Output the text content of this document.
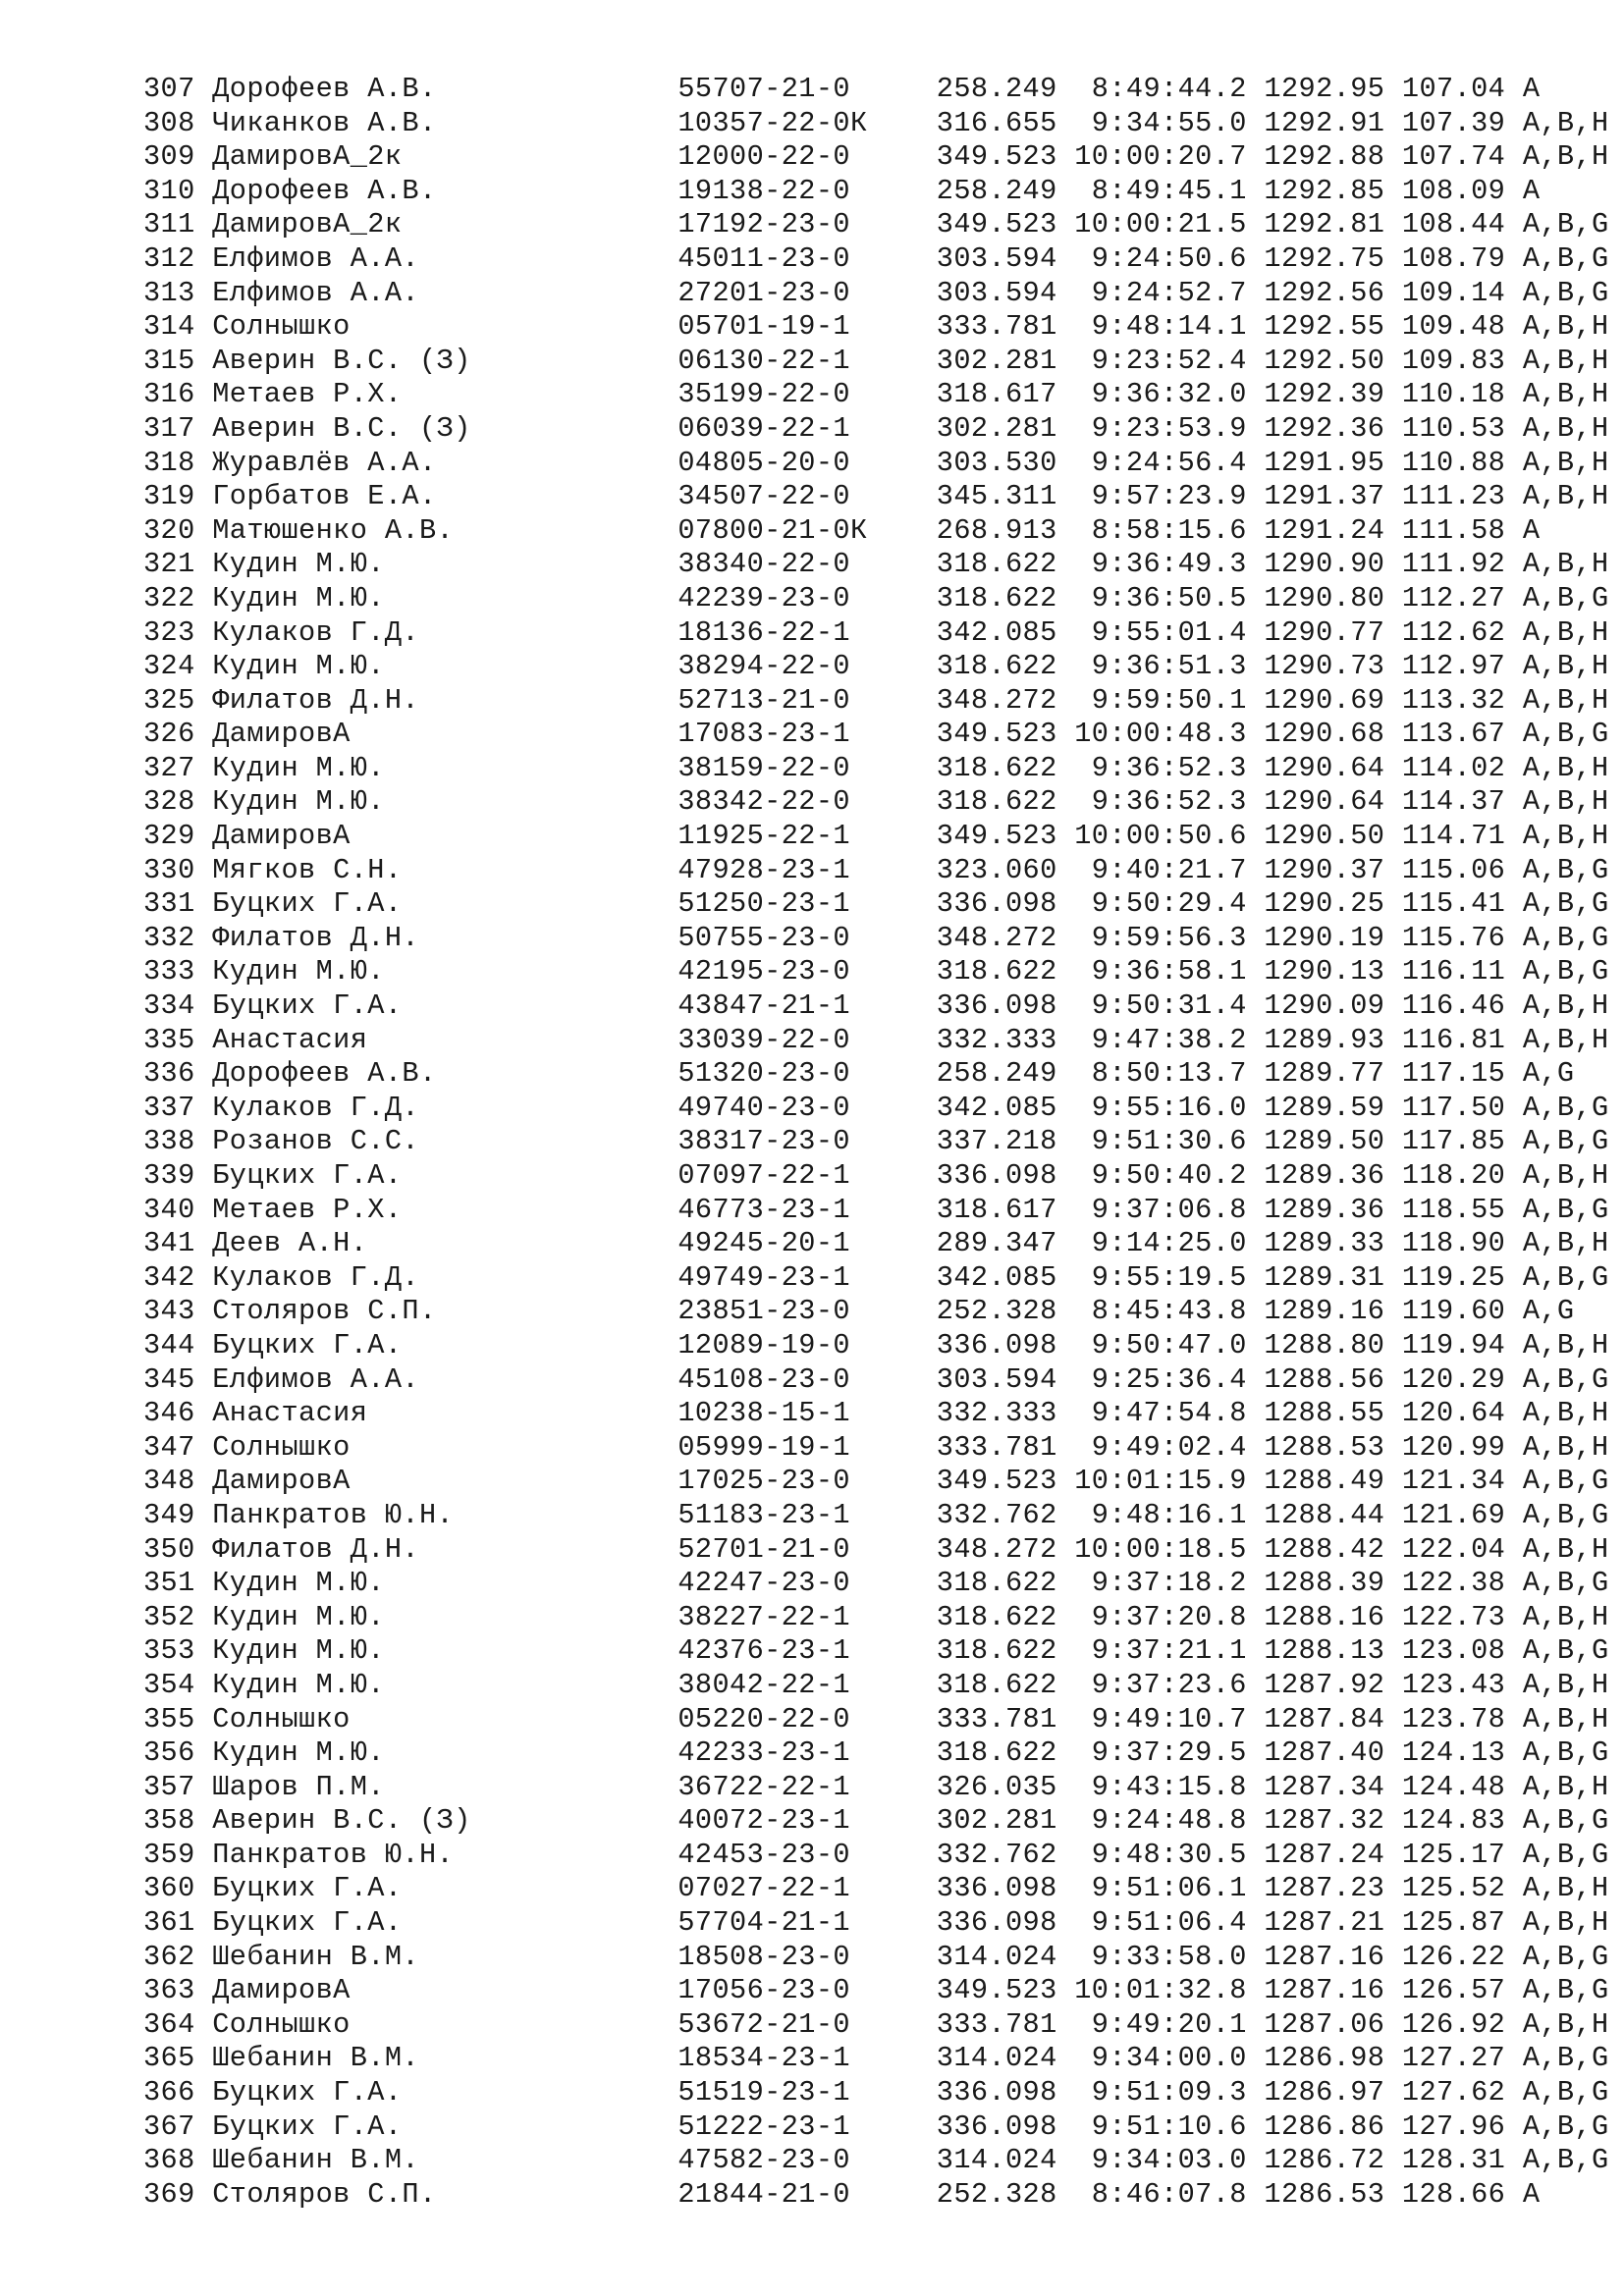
307 Дорофеев А.В.              55707-21-0     258.249  8:49:44.2 1292.95 107.04 A
308 Чиканков А.В.              10357-22-0К    316.655  9:34:55.0 1292.91 107.39 A,B,H
309 ДамировА_2к                12000-22-0     349.523 10:00:20.7 1292.88 107.74 A,B,H
310 Дорофеев А.В.              19138-22-0     258.249  8:49:45.1 1292.85 108.09 A
311 ДамировА_2к                17192-23-0     349.523 10:00:21.5 1292.81 108.44 A,B,G
312 Елфимов А.А.               45011-23-0     303.594  9:24:50.6 1292.75 108.79 A,B,G
313 Елфимов А.А.               27201-23-0     303.594  9:24:52.7 1292.56 109.14 A,B,G
314 Солнышко                   05701-19-1     333.781  9:48:14.1 1292.55 109.48 A,B,H
315 Аверин В.С. (З)            06130-22-1     302.281  9:23:52.4 1292.50 109.83 A,B,H
316 Метаев Р.Х.                35199-22-0     318.617  9:36:32.0 1292.39 110.18 A,B,H
317 Аверин В.С. (З)            06039-22-1     302.281  9:23:53.9 1292.36 110.53 A,B,H
318 Журавлёв А.А.              04805-20-0     303.530  9:24:56.4 1291.95 110.88 A,B,H
319 Горбатов Е.А.              34507-22-0     345.311  9:57:23.9 1291.37 111.23 A,B,H
320 Матюшенко А.В.             07800-21-0К    268.913  8:58:15.6 1291.24 111.58 A
321 Кудин М.Ю.                 38340-22-0     318.622  9:36:49.3 1290.90 111.92 A,B,H
322 Кудин М.Ю.                 42239-23-0     318.622  9:36:50.5 1290.80 112.27 A,B,G
323 Кулаков Г.Д.               18136-22-1     342.085  9:55:01.4 1290.77 112.62 A,B,H
324 Кудин М.Ю.                 38294-22-0     318.622  9:36:51.3 1290.73 112.97 A,B,H
325 Филатов Д.Н.               52713-21-0     348.272  9:59:50.1 1290.69 113.32 A,B,H
326 ДамировА                   17083-23-1     349.523 10:00:48.3 1290.68 113.67 A,B,G
327 Кудин М.Ю.                 38159-22-0     318.622  9:36:52.3 1290.64 114.02 A,B,H
328 Кудин М.Ю.                 38342-22-0     318.622  9:36:52.3 1290.64 114.37 A,B,H
329 ДамировА                   11925-22-1     349.523 10:00:50.6 1290.50 114.71 A,B,H
330 Мягков С.Н.                47928-23-1     323.060  9:40:21.7 1290.37 115.06 A,B,G
331 Буцких Г.А.                51250-23-1     336.098  9:50:29.4 1290.25 115.41 A,B,G
332 Филатов Д.Н.               50755-23-0     348.272  9:59:56.3 1290.19 115.76 A,B,G
333 Кудин М.Ю.                 42195-23-0     318.622  9:36:58.1 1290.13 116.11 A,B,G
334 Буцких Г.А.                43847-21-1     336.098  9:50:31.4 1290.09 116.46 A,B,H
335 Анастасия                  33039-22-0     332.333  9:47:38.2 1289.93 116.81 A,B,H
336 Дорофеев А.В.              51320-23-0     258.249  8:50:13.7 1289.77 117.15 A,G
337 Кулаков Г.Д.               49740-23-0     342.085  9:55:16.0 1289.59 117.50 A,B,G
338 Розанов С.С.               38317-23-0     337.218  9:51:30.6 1289.50 117.85 A,B,G
339 Буцких Г.А.                07097-22-1     336.098  9:50:40.2 1289.36 118.20 A,B,H
340 Метаев Р.Х.                46773-23-1     318.617  9:37:06.8 1289.36 118.55 A,B,G
341 Деев А.Н.                  49245-20-1     289.347  9:14:25.0 1289.33 118.90 A,B,H
342 Кулаков Г.Д.               49749-23-1     342.085  9:55:19.5 1289.31 119.25 A,B,G
343 Столяров С.П.              23851-23-0     252.328  8:45:43.8 1289.16 119.60 A,G
344 Буцких Г.А.                12089-19-0     336.098  9:50:47.0 1288.80 119.94 A,B,H
345 Елфимов А.А.               45108-23-0     303.594  9:25:36.4 1288.56 120.29 A,B,G
346 Анастасия                  10238-15-1     332.333  9:47:54.8 1288.55 120.64 A,B,H
347 Солнышко                   05999-19-1     333.781  9:49:02.4 1288.53 120.99 A,B,H
348 ДамировА                   17025-23-0     349.523 10:01:15.9 1288.49 121.34 A,B,G
349 Панкратов Ю.Н.             51183-23-1     332.762  9:48:16.1 1288.44 121.69 A,B,G
350 Филатов Д.Н.               52701-21-0     348.272 10:00:18.5 1288.42 122.04 A,B,H
351 Кудин М.Ю.                 42247-23-0     318.622  9:37:18.2 1288.39 122.38 A,B,G
352 Кудин М.Ю.                 38227-22-1     318.622  9:37:20.8 1288.16 122.73 A,B,H
353 Кудин М.Ю.                 42376-23-1     318.622  9:37:21.1 1288.13 123.08 A,B,G
354 Кудин М.Ю.                 38042-22-1     318.622  9:37:23.6 1287.92 123.43 A,B,H
355 Солнышко                   05220-22-0     333.781  9:49:10.7 1287.84 123.78 A,B,H
356 Кудин М.Ю.                 42233-23-1     318.622  9:37:29.5 1287.40 124.13 A,B,G
357 Шаров П.М.                 36722-22-1     326.035  9:43:15.8 1287.34 124.48 A,B,H
358 Аверин В.С. (З)            40072-23-1     302.281  9:24:48.8 1287.32 124.83 A,B,G
359 Панкратов Ю.Н.             42453-23-0     332.762  9:48:30.5 1287.24 125.17 A,B,G
360 Буцких Г.А.                07027-22-1     336.098  9:51:06.1 1287.23 125.52 A,B,H
361 Буцких Г.А.                57704-21-1     336.098  9:51:06.4 1287.21 125.87 A,B,H
362 Шебанин В.М.               18508-23-0     314.024  9:33:58.0 1287.16 126.22 A,B,G
363 ДамировА                   17056-23-0     349.523 10:01:32.8 1287.16 126.57 A,B,G
364 Солнышко                   53672-21-0     333.781  9:49:20.1 1287.06 126.92 A,B,H
365 Шебанин В.М.               18534-23-1     314.024  9:34:00.0 1286.98 127.27 A,B,G
366 Буцких Г.А.                51519-23-1     336.098  9:51:09.3 1286.97 127.62 A,B,G
367 Буцких Г.А.                51222-23-1     336.098  9:51:10.6 1286.86 127.96 A,B,G
368 Шебанин В.М.               47582-23-0     314.024  9:34:03.0 1286.72 128.31 A,B,G
369 Столяров С.П.              21844-21-0     252.328  8:46:07.8 1286.53 128.66 A
